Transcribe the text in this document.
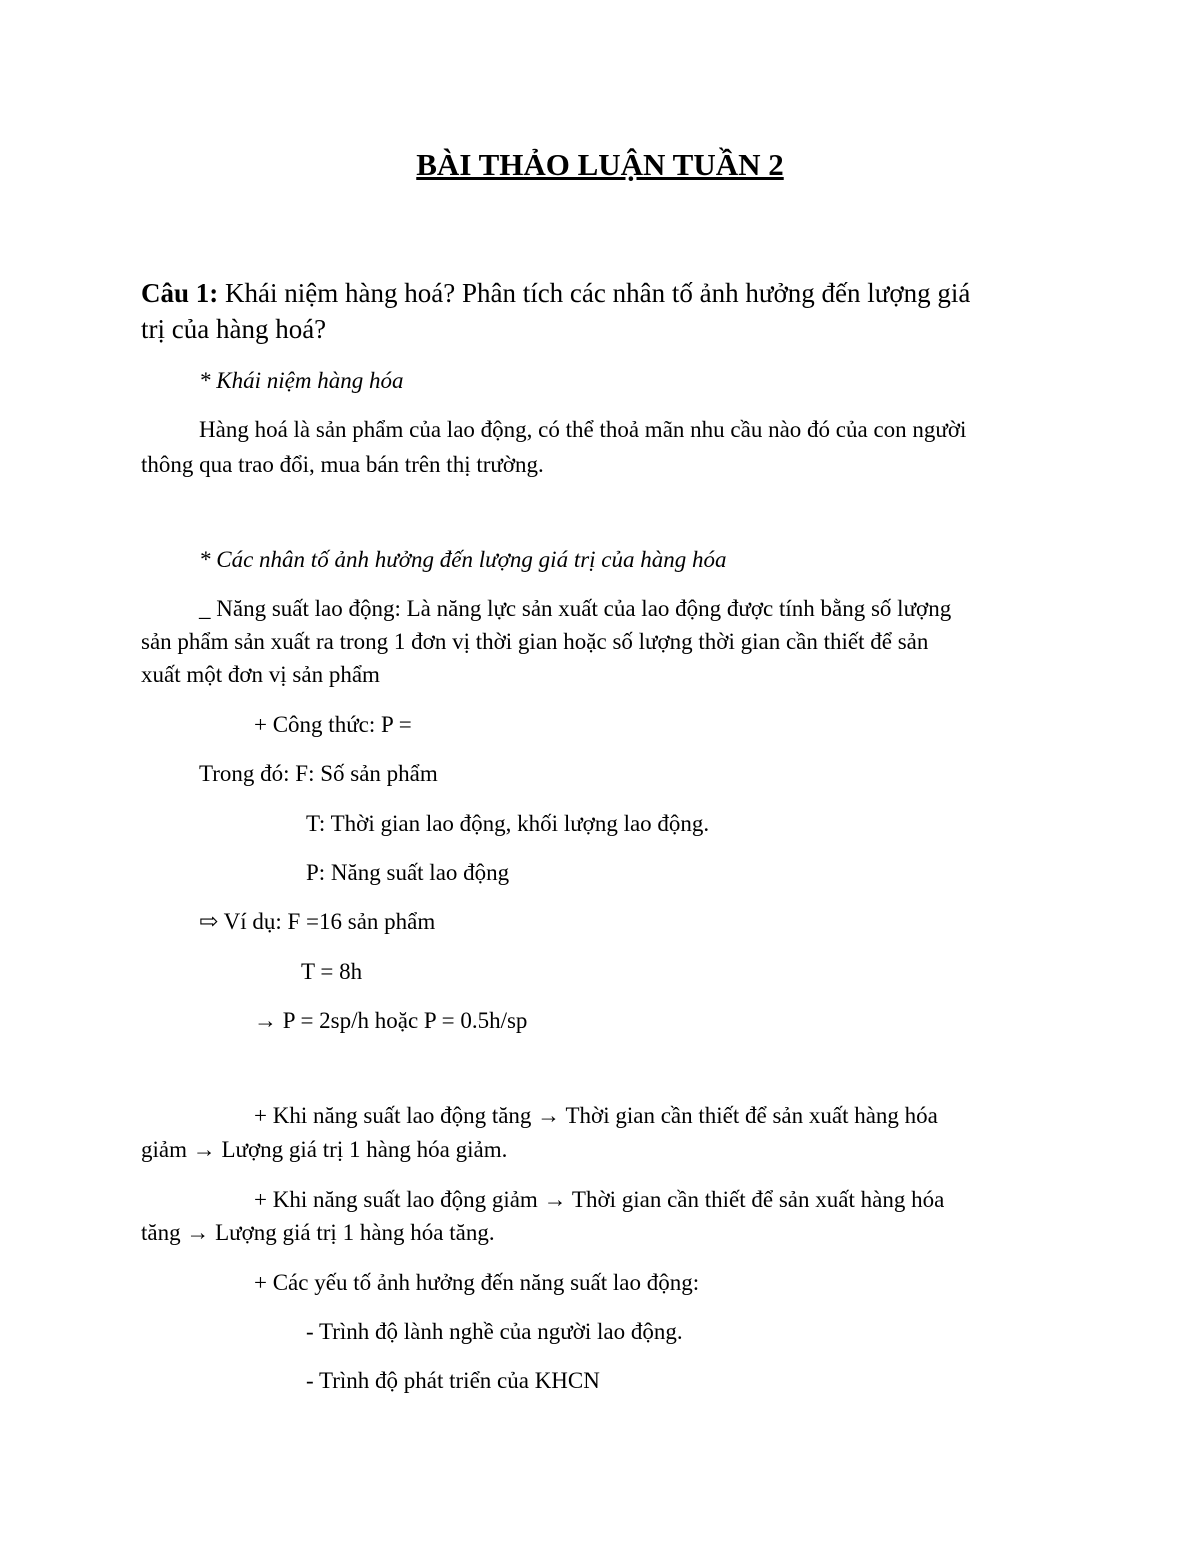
BÀI THẢO LUẬN TUẦN 2
Câu 1: Khái niệm hàng hoá? Phân tích các nhân tố ảnh hưởng đến lượng giá
trị của hàng hoá?
* Khái niệm hàng hóa
Hàng hoá là sản phẩm của lao động, có thể thoả mãn nhu cầu nào đó của con người
thông qua trao đổi, mua bán trên thị trường.
* Các nhân tố ảnh hưởng đến lượng giá trị của hàng hóa
_ Năng suất lao động: Là năng lực sản xuất của lao động được tính bằng số lượng
sản phẩm sản xuất ra trong 1 đơn vị thời gian hoặc số lượng thời gian cần thiết để sản
xuất một đơn vị sản phẩm
+ Công thức: P =
Trong đó: F: Số sản phẩm
T: Thời gian lao động, khối lượng lao động.
P: Năng suất lao động
⇨ Ví dụ: F =16 sản phẩm
T = 8h
→ P = 2sp/h hoặc P = 0.5h/sp
+ Khi năng suất lao động tăng → Thời gian cần thiết để sản xuất hàng hóa
giảm → Lượng giá trị 1 hàng hóa giảm.
+ Khi năng suất lao động giảm → Thời gian cần thiết để sản xuất hàng hóa
tăng → Lượng giá trị 1 hàng hóa tăng.
+ Các yếu tố ảnh hưởng đến năng suất lao động:
- Trình độ lành nghề của người lao động.
- Trình độ phát triển của KHCN
